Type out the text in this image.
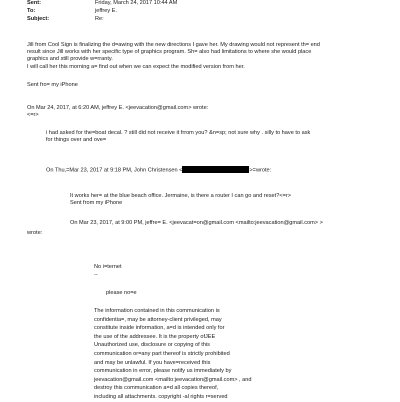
Sent:	Friday, March 24, 2017 10:44 AM
To:	jeffrey E.
Subject:	Re:

Jill from Cool Sign is finalizing the d=awing with the new directions I gave her. My drawing would not represent th= end

result since Jill works with her specific type of graphics program. Sh= also had limitations to where she would place

graphics and still provide w=rranty.

I will call her this morning a= find out when we can expect the modified version from her.

Sent fro= my iPhone

On Mar 24, 2017, at 6:20 AM, jeffrey E. <jeevacation@gmail.com> wrote:

<=r>

i had asked for the=boat decal. ? still did not receive it frrom you? &n=sp; not sure why . silly to have to ask

for things over and ove=

On Thu,=Mar 23, 2017 at 9:18 PM, John Christensen <	>=wrote:

It works her= at the blue beach office. Jermaine, is there a router I can go and reset?<=r>

Sent from my iPhone

On Mar 23, 2017, at 9:00 PM, jeffre= E. <jeevacat=on@gmail.com <mailto:jeevacation@gmail.com> >
wrote:
No i=ternet
--
please no=e

The information contained in this communication is

confidentia=, may be attorney-client privileged, may

constitute inside information, a=d is intended only for

the use of the addressee. It is the property ofJEE

Unauthorized use, disclosure or copying of this

communication or=any part thereof is strictly prohibited

and may be unlawful. If you have=received this

communication in error, please notify us immediately by

jeevacation@gmail.com <mailto:jeevacation@gmail.com> , and

destroy this communication a=d all copies thereof,

including all attachments. copyright -al rights r=served
